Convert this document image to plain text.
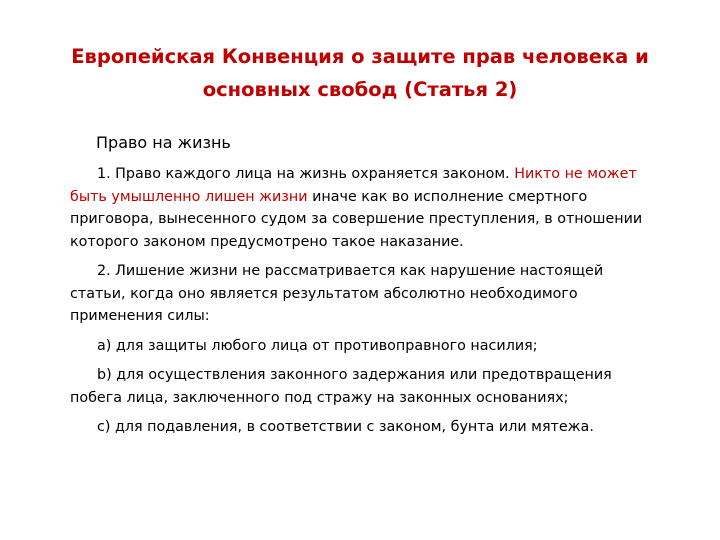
Европейская Конвенция о защите прав человека и основных свобод (Статья 2)
Право на жизнь

1. Право каждого лица на жизнь охраняется законом. Никто не может быть умышленно лишен жизни иначе как во исполнение смертного приговора, вынесенного судом за совершение преступления, в отношении которого законом предусмотрено такое наказание.

2. Лишение жизни не рассматривается как нарушение настоящей статьи, когда оно является результатом абсолютно необходимого применения силы:

а) для защиты любого лица от противоправного насилия;

b) для осуществления законного задержания или предотвращения побега лица, заключенного под стражу на законных основаниях;

с) для подавления, в соответствии с законом, бунта или мятежа.
